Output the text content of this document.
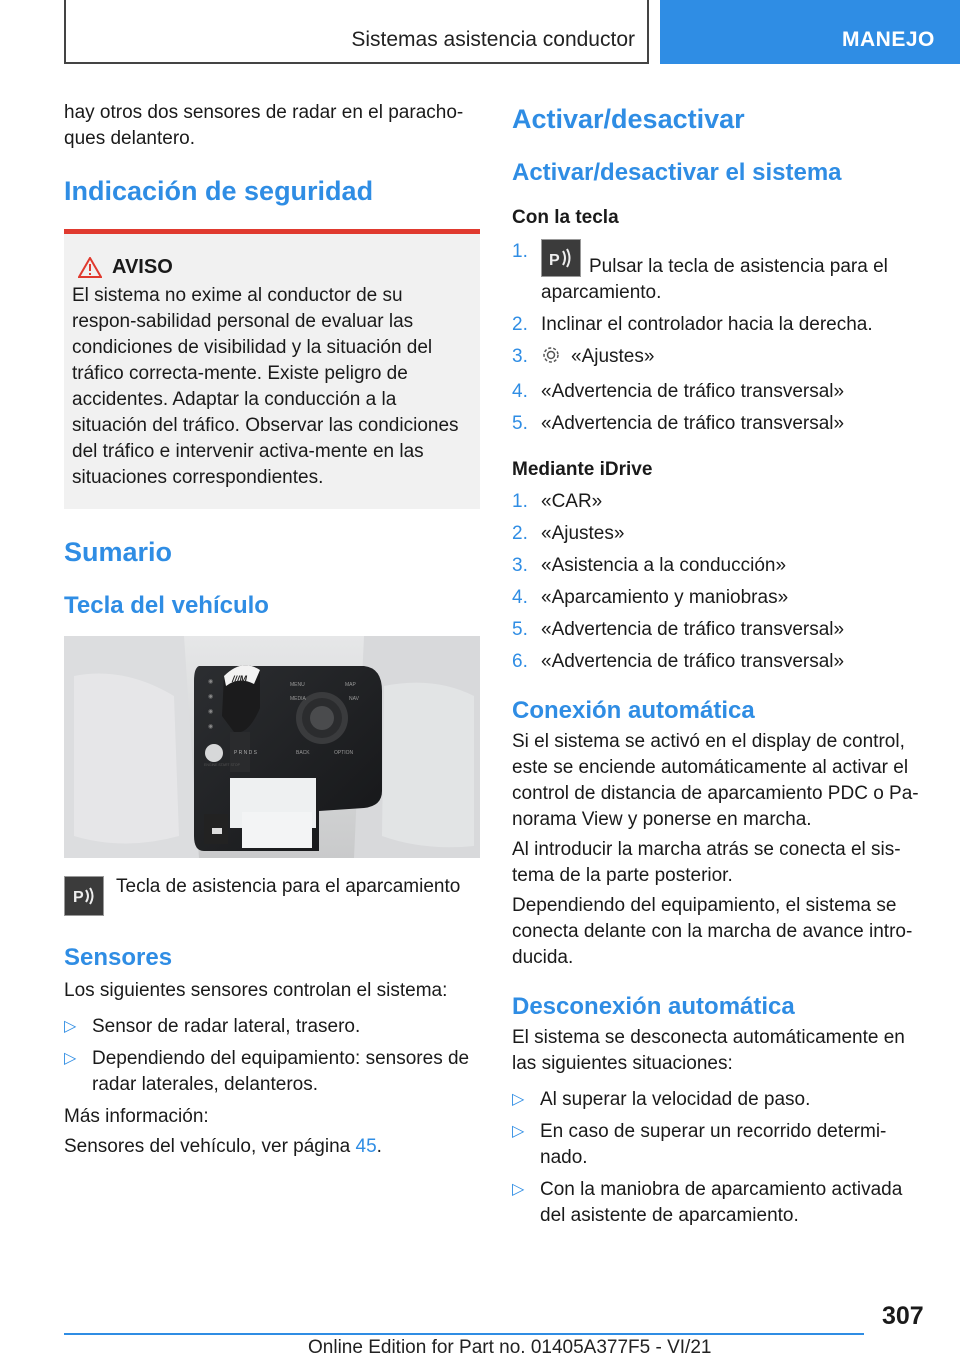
Sistemas asistencia conductor	MANEJO

hay otros dos sensores de radar en el paracho-ques delantero.

Indicación de seguridad
AVISO

El sistema no exime al conductor de su respon-sabilidad personal de evaluar las condiciones de visibilidad y la situación del tráfico correcta-mente. Existe peligro de accidentes. Adaptar la conducción a la situación del tráfico. Observar las condiciones del tráfico e intervenir activa-mente en las situaciones correspondientes.

Sumario
Tecla del vehículo
///M
◉
◉
◉
◉
MENU	MAP
MEDIA	NAV
BACK	OPTION
ENGINE START STOP
P R N D S
P

Tecla de asistencia para el aparcamiento

Sensores

Los siguientes sensores controlan el sistema:

▷ Sensor de radar lateral, trasero.
▷ Dependiendo del equipamiento: sensores de radar laterales, delanteros.

Más información:

Sensores del vehículo, ver página 45.

Activar/desactivar
Activar/desactivar el sistema
Con la tecla
1.	P Pulsar la tecla de asistencia para el aparcamiento.
2. Inclinar el controlador hacia la derecha.
3.	«Ajustes»
4. «Advertencia de tráfico transversal»
5. «Advertencia de tráfico transversal»
Mediante iDrive
1. «CAR»
2. «Ajustes»
3. «Asistencia a la conducción»
4. «Aparcamiento y maniobras»
5. «Advertencia de tráfico transversal»
6. «Advertencia de tráfico transversal»
Conexión automática

Si el sistema se activó en el display de control, este se enciende automáticamente al activar el control de distancia de aparcamiento PDC o Pa-norama View y ponerse en marcha.

Al introducir la marcha atrás se conecta el sis-tema de la parte posterior.

Dependiendo del equipamiento, el sistema se conecta delante con la marcha de avance intro-ducida.

Desconexión automática

El sistema se desconecta automáticamente en las siguientes situaciones:

▷ Al superar la velocidad de paso.
▷ En caso de superar un recorrido determi-nado.
▷ Con la maniobra de aparcamiento activada del asistente de aparcamiento.
307
Online Edition for Part no. 01405A377F5 - VI/21
